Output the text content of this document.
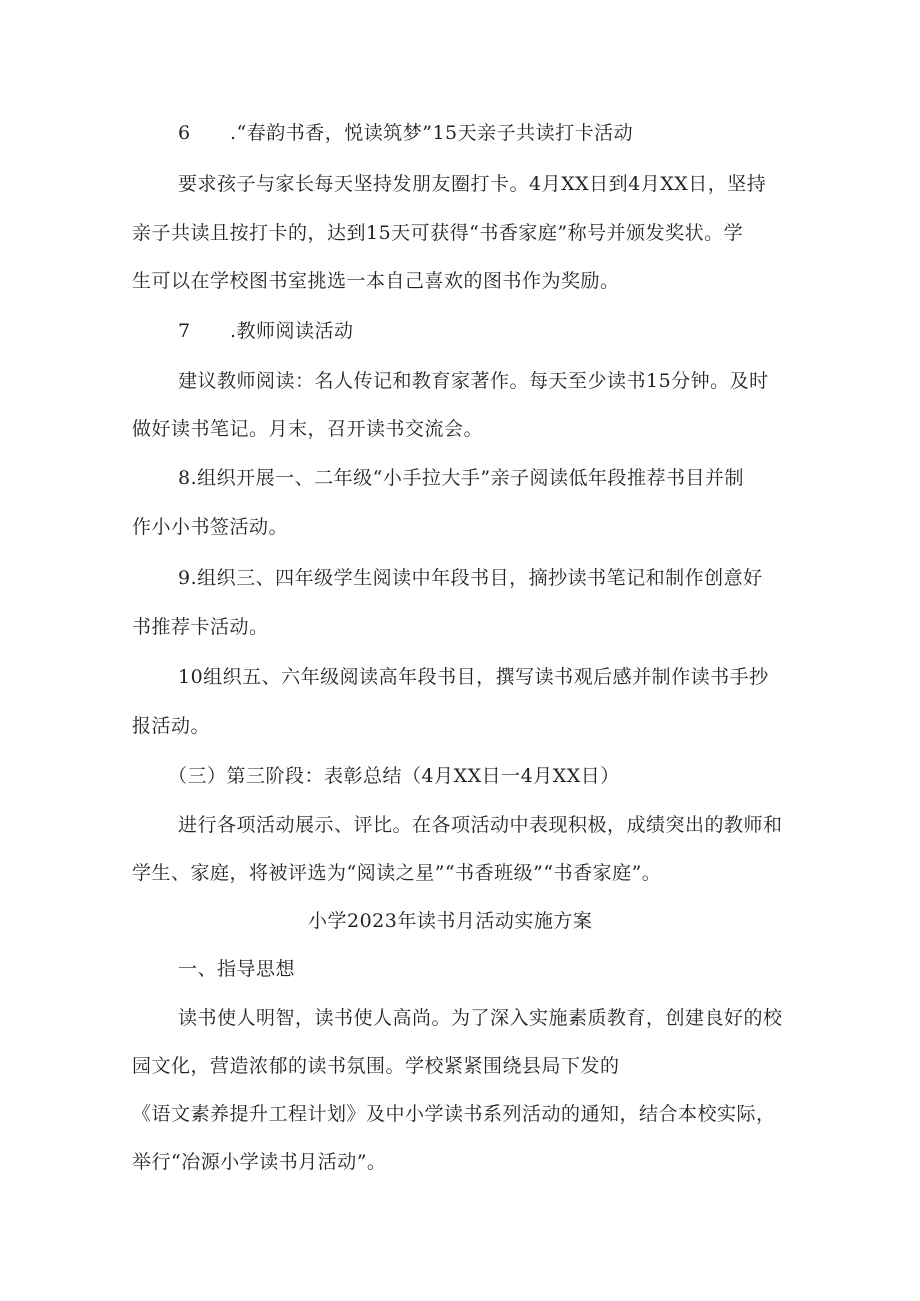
6 .“春韵书香，悦读筑梦”15天亲子共读打卡活动
要求孩子与家长每天坚持发朋友圈打卡。4月XX日到4月XX日，坚持
亲子共读且按打卡的，达到15天可获得“书香家庭”称号并颁发奖状。学
生可以在学校图书室挑选一本自己喜欢的图书作为奖励。
7 .教师阅读活动
建议教师阅读：名人传记和教育家著作。每天至少读书15分钟。及时
做好读书笔记。月末，召开读书交流会。
8.组织开展一、二年级“小手拉大手”亲子阅读低年段推荐书目并制
作小小书签活动。
9.组织三、四年级学生阅读中年段书目，摘抄读书笔记和制作创意好
书推荐卡活动。
10组织五、六年级阅读高年段书目，撰写读书观后感并制作读书手抄
报活动。
（三）第三阶段：表彰总结（4月XX日一4月XX日）
进行各项活动展示、评比。在各项活动中表现积极，成绩突出的教师和
学生、家庭，将被评选为“阅读之星”“书香班级”“书香家庭”。
小学2023年读书月活动实施方案
一、指导思想
读书使人明智，读书使人高尚。为了深入实施素质教育，创建良好的校
园文化，营造浓郁的读书氛围。学校紧紧围绕县局下发的
《语文素养提升工程计划》及中小学读书系列活动的通知，结合本校实际，
举行“冶源小学读书月活动”。
